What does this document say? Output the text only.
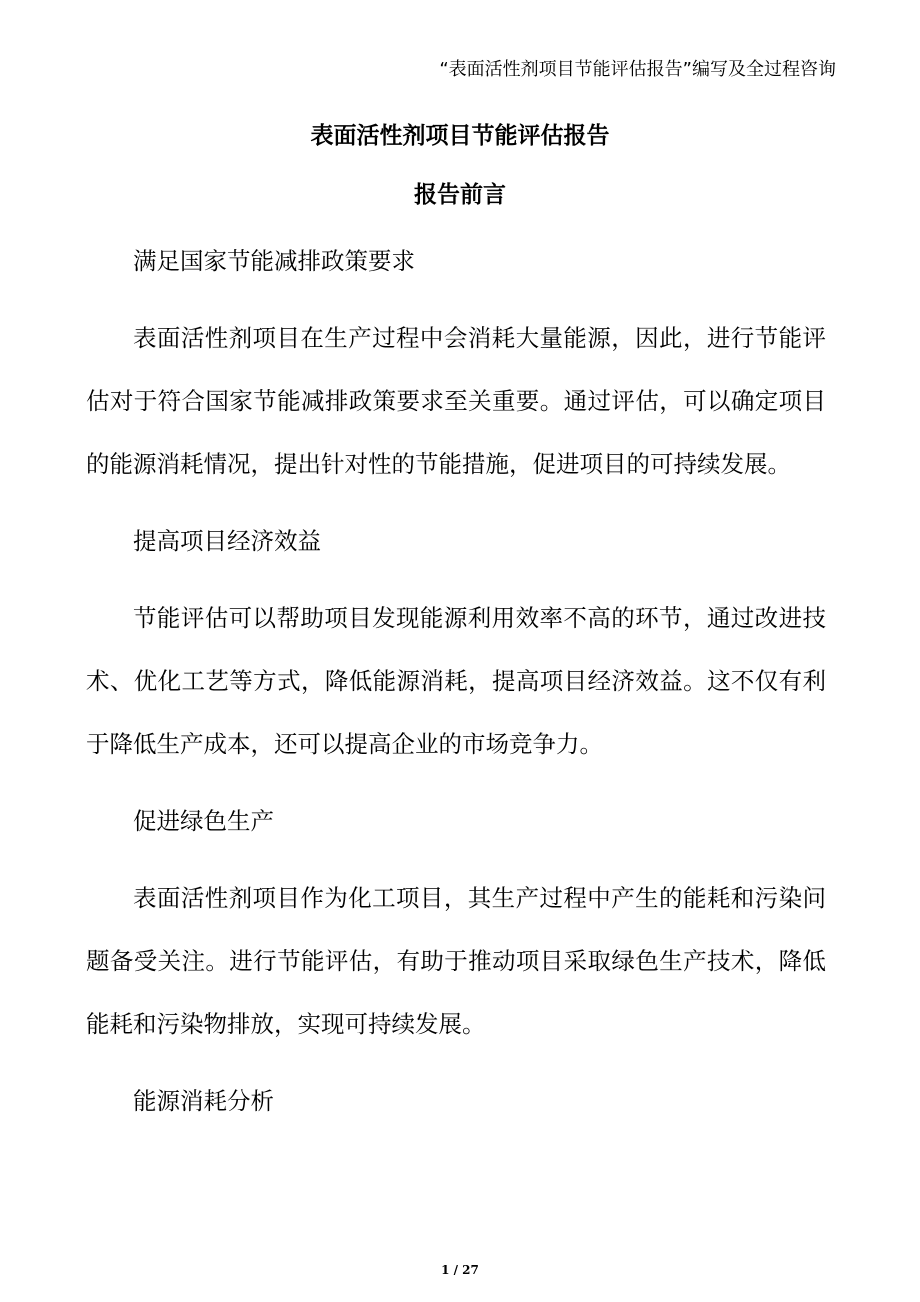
“表面活性剂项目节能评估报告”编写及全过程咨询
表面活性剂项目节能评估报告
报告前言

满足国家节能减排政策要求

表面活性剂项目在生产过程中会消耗大量能源，因此，进行节能评估对于符合国家节能减排政策要求至关重要。通过评估，可以确定项目的能源消耗情况，提出针对性的节能措施，促进项目的可持续发展。

提高项目经济效益

节能评估可以帮助项目发现能源利用效率不高的环节，通过改进技术、优化工艺等方式，降低能源消耗，提高项目经济效益。这不仅有利于降低生产成本，还可以提高企业的市场竞争力。

促进绿色生产

表面活性剂项目作为化工项目，其生产过程中产生的能耗和污染问题备受关注。进行节能评估，有助于推动项目采取绿色生产技术，降低能耗和污染物排放，实现可持续发展。

能源消耗分析

1 / 27
